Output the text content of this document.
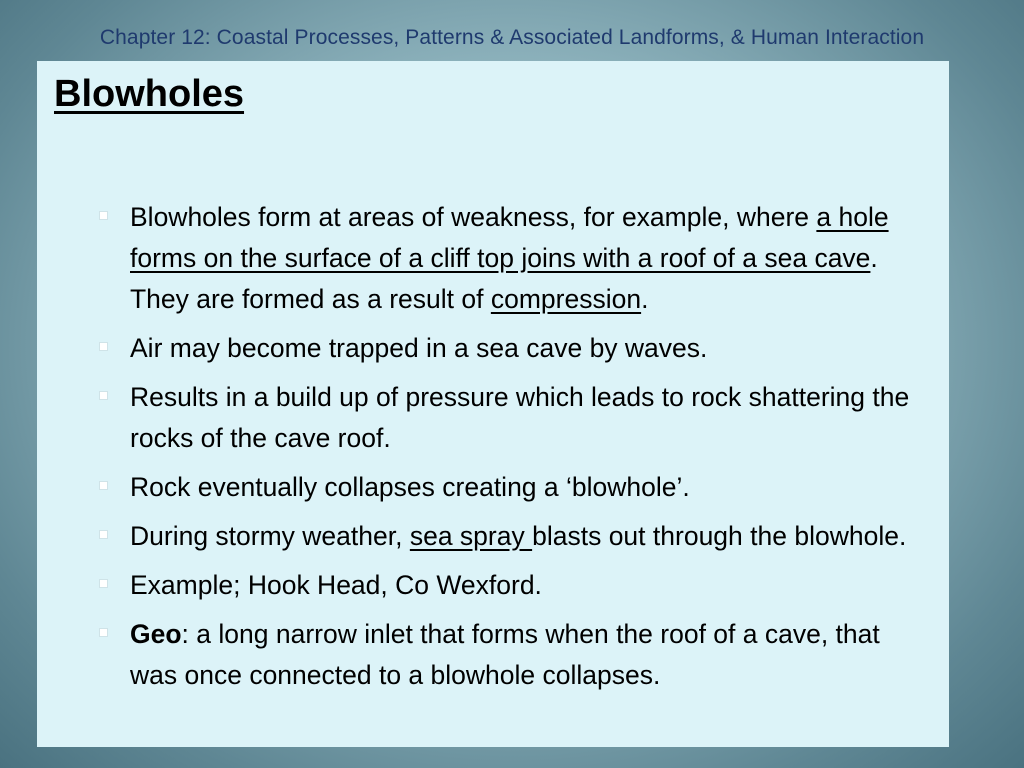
Chapter 12: Coastal Processes, Patterns & Associated Landforms, & Human Interaction
Blowholes
Blowholes form at areas of weakness, for example, where a hole forms on the surface of a cliff top joins with a roof of a sea cave. They are formed as a result of compression.
Air may become trapped in a sea cave by waves.
Results in a build up of pressure which leads to rock shattering the rocks of the cave roof.
Rock eventually collapses creating a ‘blowhole’.
During stormy weather, sea spray blasts out through the blowhole.
Example; Hook Head, Co Wexford.
Geo: a long narrow inlet that forms when the roof of a cave, that was once connected to a blowhole collapses.
